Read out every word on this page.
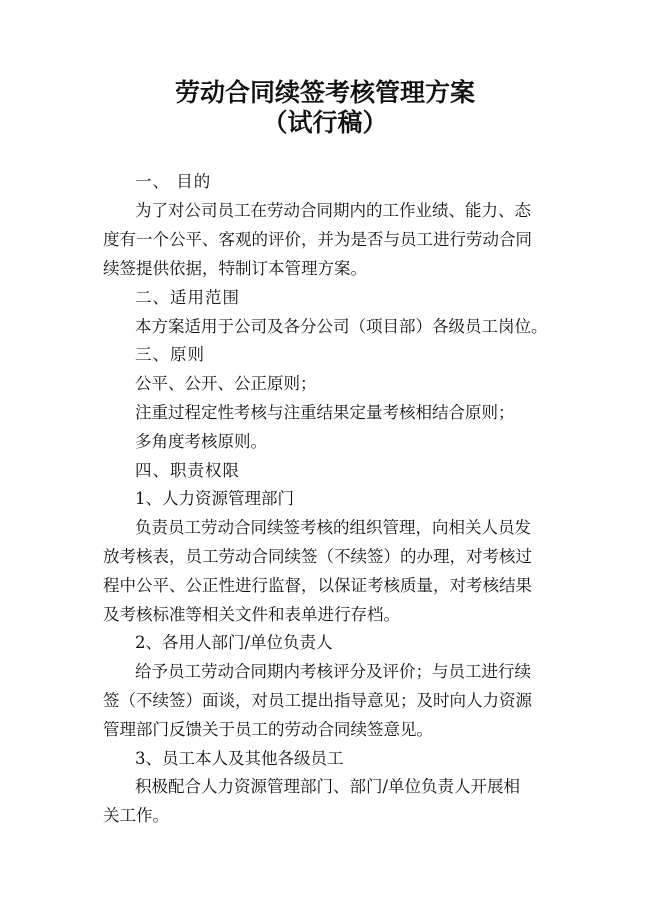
劳动合同续签考核管理方案
（试行稿）
一、 目的
为了对公司员工在劳动合同期内的工作业绩、能力、态
度有一个公平、客观的评价，并为是否与员工进行劳动合同
续签提供依据，特制订本管理方案。
二、适用范围
本方案适用于公司及各分公司（项目部）各级员工岗位。
三、原则
公平、公开、公正原则；
注重过程定性考核与注重结果定量考核相结合原则；
多角度考核原则。
四、职责权限
1、人力资源管理部门
负责员工劳动合同续签考核的组织管理，向相关人员发
放考核表，员工劳动合同续签（不续签）的办理，对考核过
程中公平、公正性进行监督，以保证考核质量，对考核结果
及考核标准等相关文件和表单进行存档。
2、各用人部门/单位负责人
给予员工劳动合同期内考核评分及评价；与员工进行续
签（不续签）面谈，对员工提出指导意见；及时向人力资源
管理部门反馈关于员工的劳动合同续签意见。
3、员工本人及其他各级员工
积极配合人力资源管理部门、部门/单位负责人开展相
关工作。
